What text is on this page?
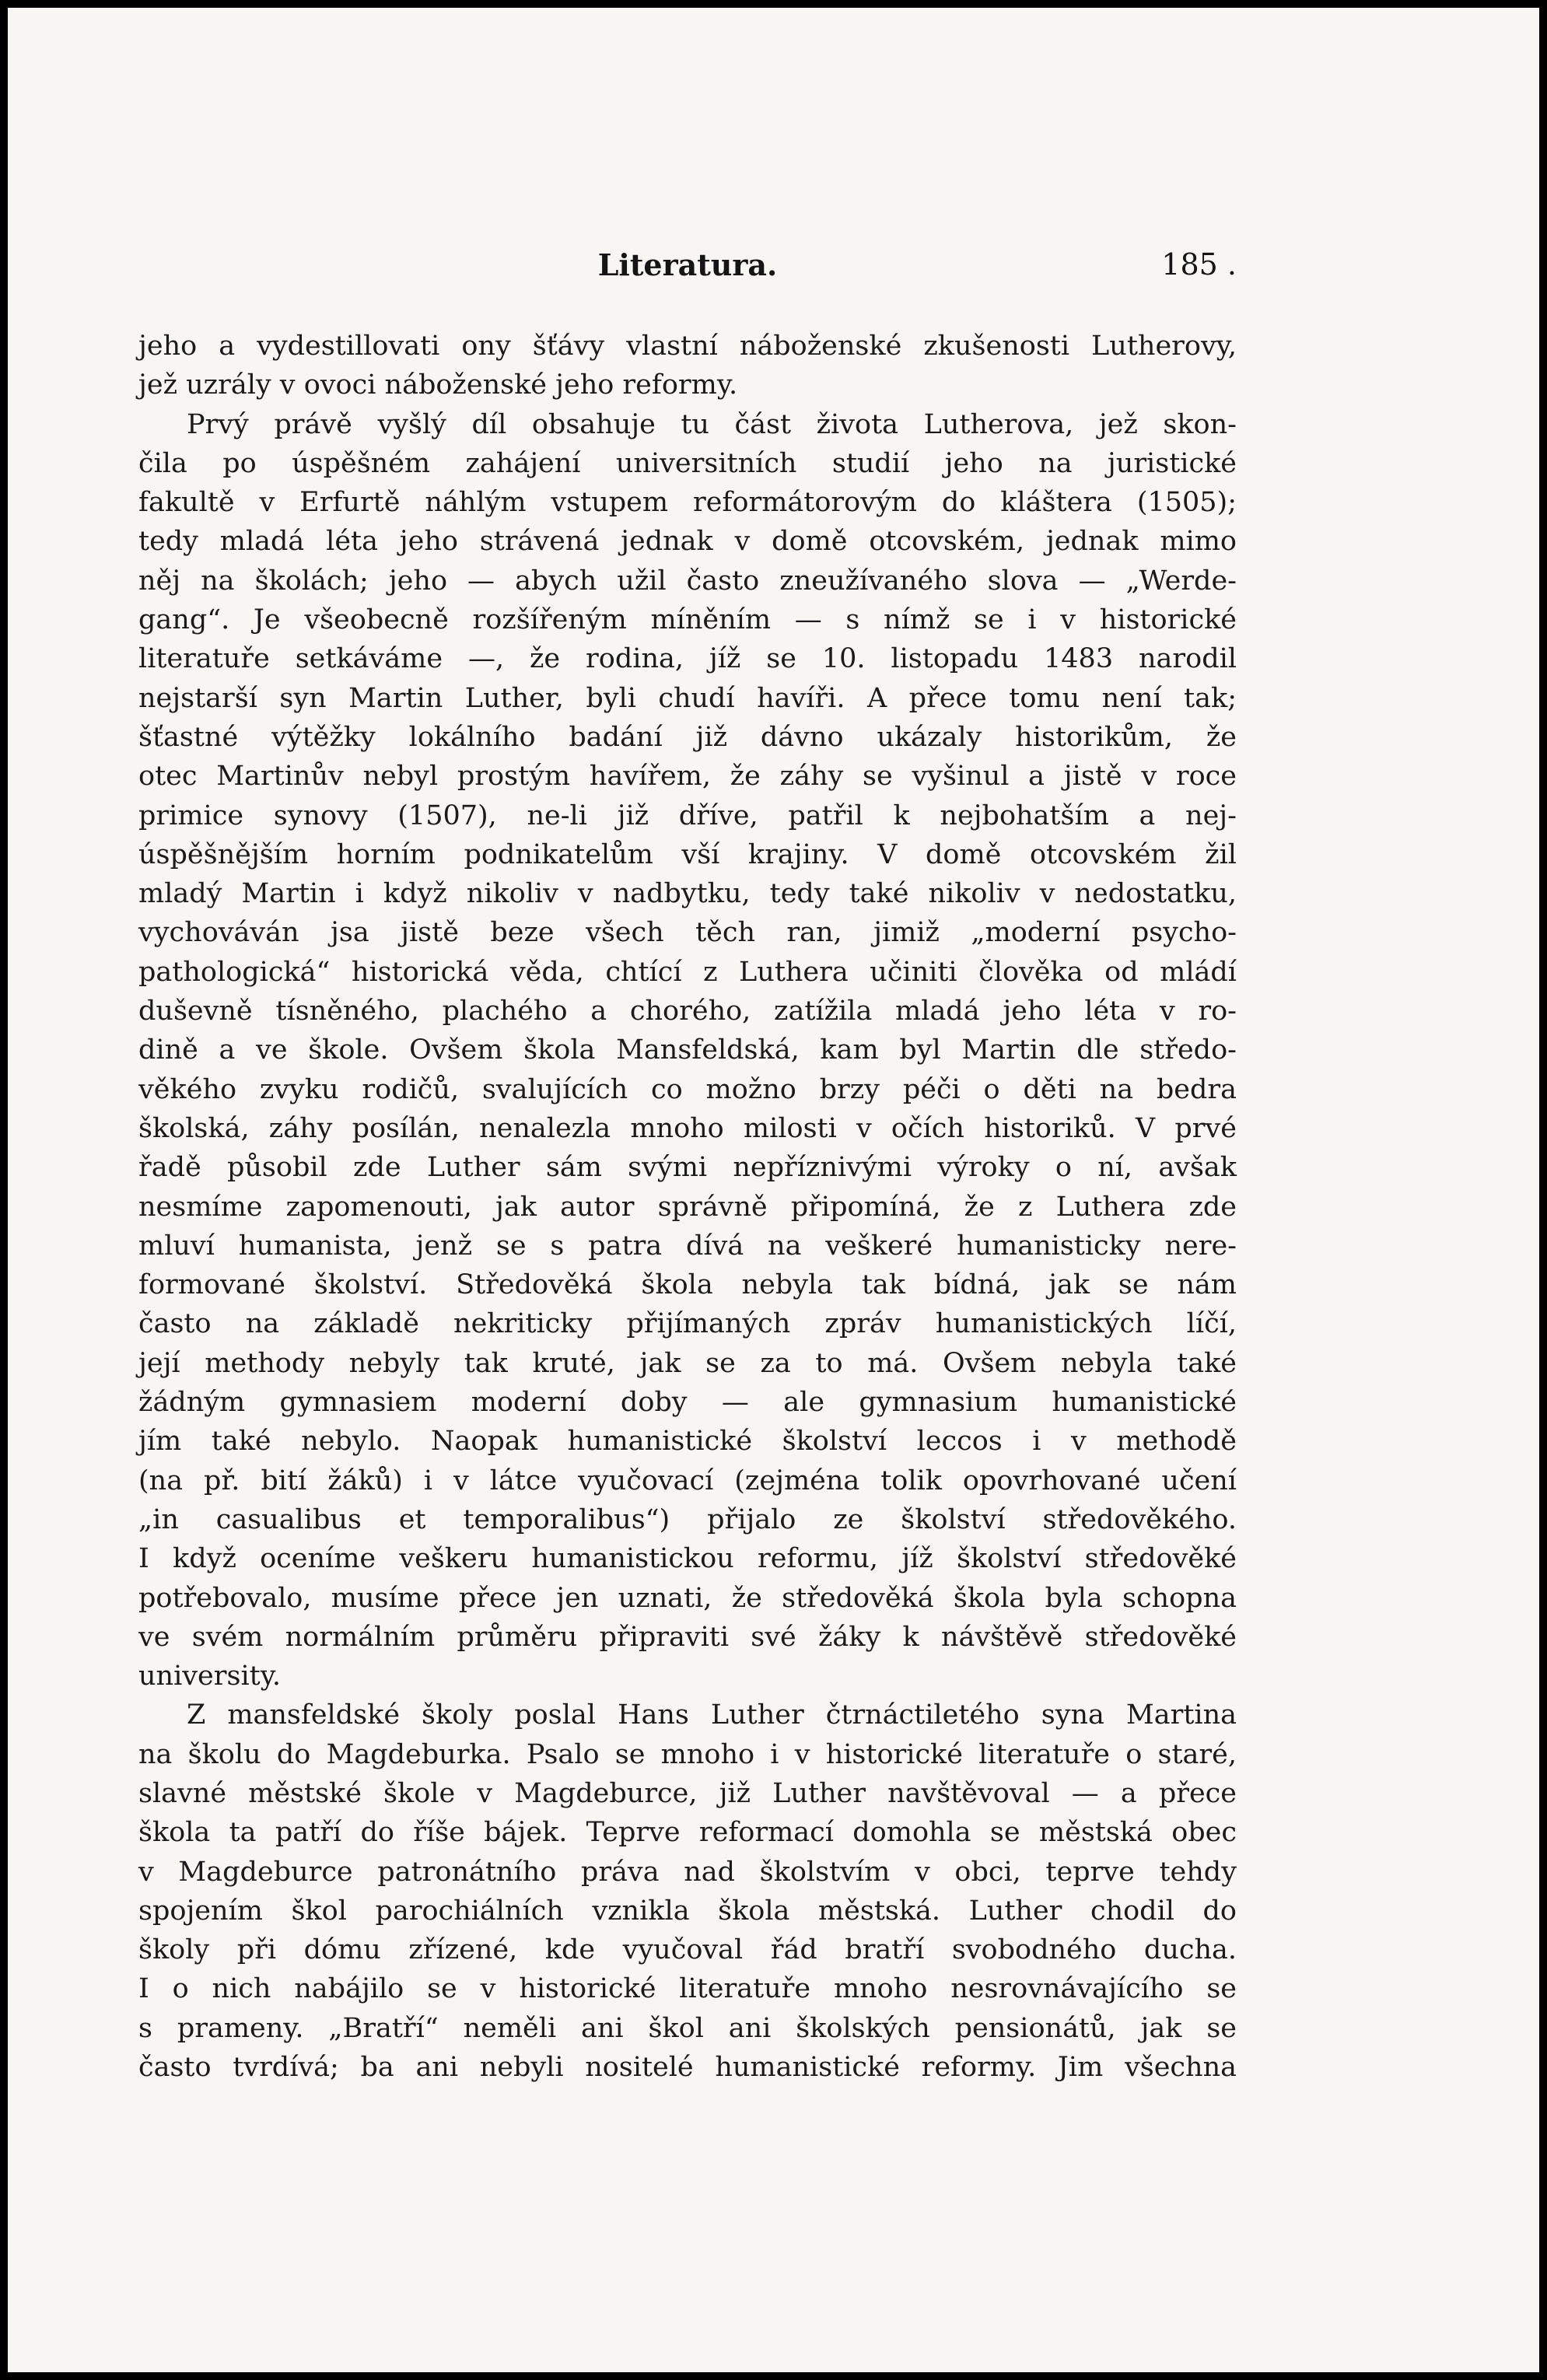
Literatura.	185 .
jeho a vydestillovati ony šťávy vlastní náboženské zkušenosti Lutherovy,
jež uzrály v ovoci náboženské jeho reformy.
Prvý právě vyšlý díl obsahuje tu část života Lutherova, jež skon-
čila po úspěšném zahájení universitních studií jeho na juristické
fakultě v Erfurtě náhlým vstupem reformátorovým do kláštera (1505);
tedy mladá léta jeho strávená jednak v domě otcovském, jednak mimo
něj na školách; jeho — abych užil často zneužívaného slova — „Werde-
gang“. Je všeobecně rozšířeným míněním — s nímž se i v historické
literatuře setkáváme —, že rodina, jíž se 10. listopadu 1483 narodil
nejstarší syn Martin Luther, byli chudí havíři. A přece tomu není tak;
šťastné výtěžky lokálního badání již dávno ukázaly historikům, že
otec Martinův nebyl prostým havířem, že záhy se vyšinul a jistě v roce
primice synovy (1507), ne-li již dříve, patřil k nejbohatším a nej-
úspěšnějším horním podnikatelům vší krajiny. V domě otcovském žil
mladý Martin i když nikoliv v nadbytku, tedy také nikoliv v nedostatku,
vychováván jsa jistě beze všech těch ran, jimiž „moderní psycho-
pathologická“ historická věda, chtící z Luthera učiniti člověka od mládí
duševně tísněného, plachého a chorého, zatížila mladá jeho léta v ro-
dině a ve škole. Ovšem škola Mansfeldská, kam byl Martin dle středo-
věkého zvyku rodičů, svalujících co možno brzy péči o děti na bedra
školská, záhy posílán, nenalezla mnoho milosti v očích historiků. V prvé
řadě působil zde Luther sám svými nepříznivými výroky o ní, avšak
nesmíme zapomenouti, jak autor správně připomíná, že z Luthera zde
mluví humanista, jenž se s patra dívá na veškeré humanisticky nere-
formované školství. Středověká škola nebyla tak bídná, jak se nám
často na základě nekriticky přijímaných zpráv humanistických líčí,
její methody nebyly tak kruté, jak se za to má. Ovšem nebyla také
žádným gymnasiem moderní doby — ale gymnasium humanistické
jím také nebylo. Naopak humanistické školství leccos i v methodě
(na př. bití žáků) i v látce vyučovací (zejména tolik opovrhované učení
„in casualibus et temporalibus“) přijalo ze školství středověkého.
I když oceníme veškeru humanistickou reformu, jíž školství středověké
potřebovalo, musíme přece jen uznati, že středověká škola byla schopna
ve svém normálním průměru připraviti své žáky k návštěvě středověké
university.
Z mansfeldské školy poslal Hans Luther čtrnáctiletého syna Martina
na školu do Magdeburka. Psalo se mnoho i v historické literatuře o staré,
slavné městské škole v Magdeburce, již Luther navštěvoval — a přece
škola ta patří do říše bájek. Teprve reformací domohla se městská obec
v Magdeburce patronátního práva nad školstvím v obci, teprve tehdy
spojením škol parochiálních vznikla škola městská. Luther chodil do
školy při dómu zřízené, kde vyučoval řád bratří svobodného ducha.
I o nich nabájilo se v historické literatuře mnoho nesrovnávajícího se
s prameny. „Bratří“ neměli ani škol ani školských pensionátů, jak se
často tvrdívá; ba ani nebyli nositelé humanistické reformy. Jim všechna
